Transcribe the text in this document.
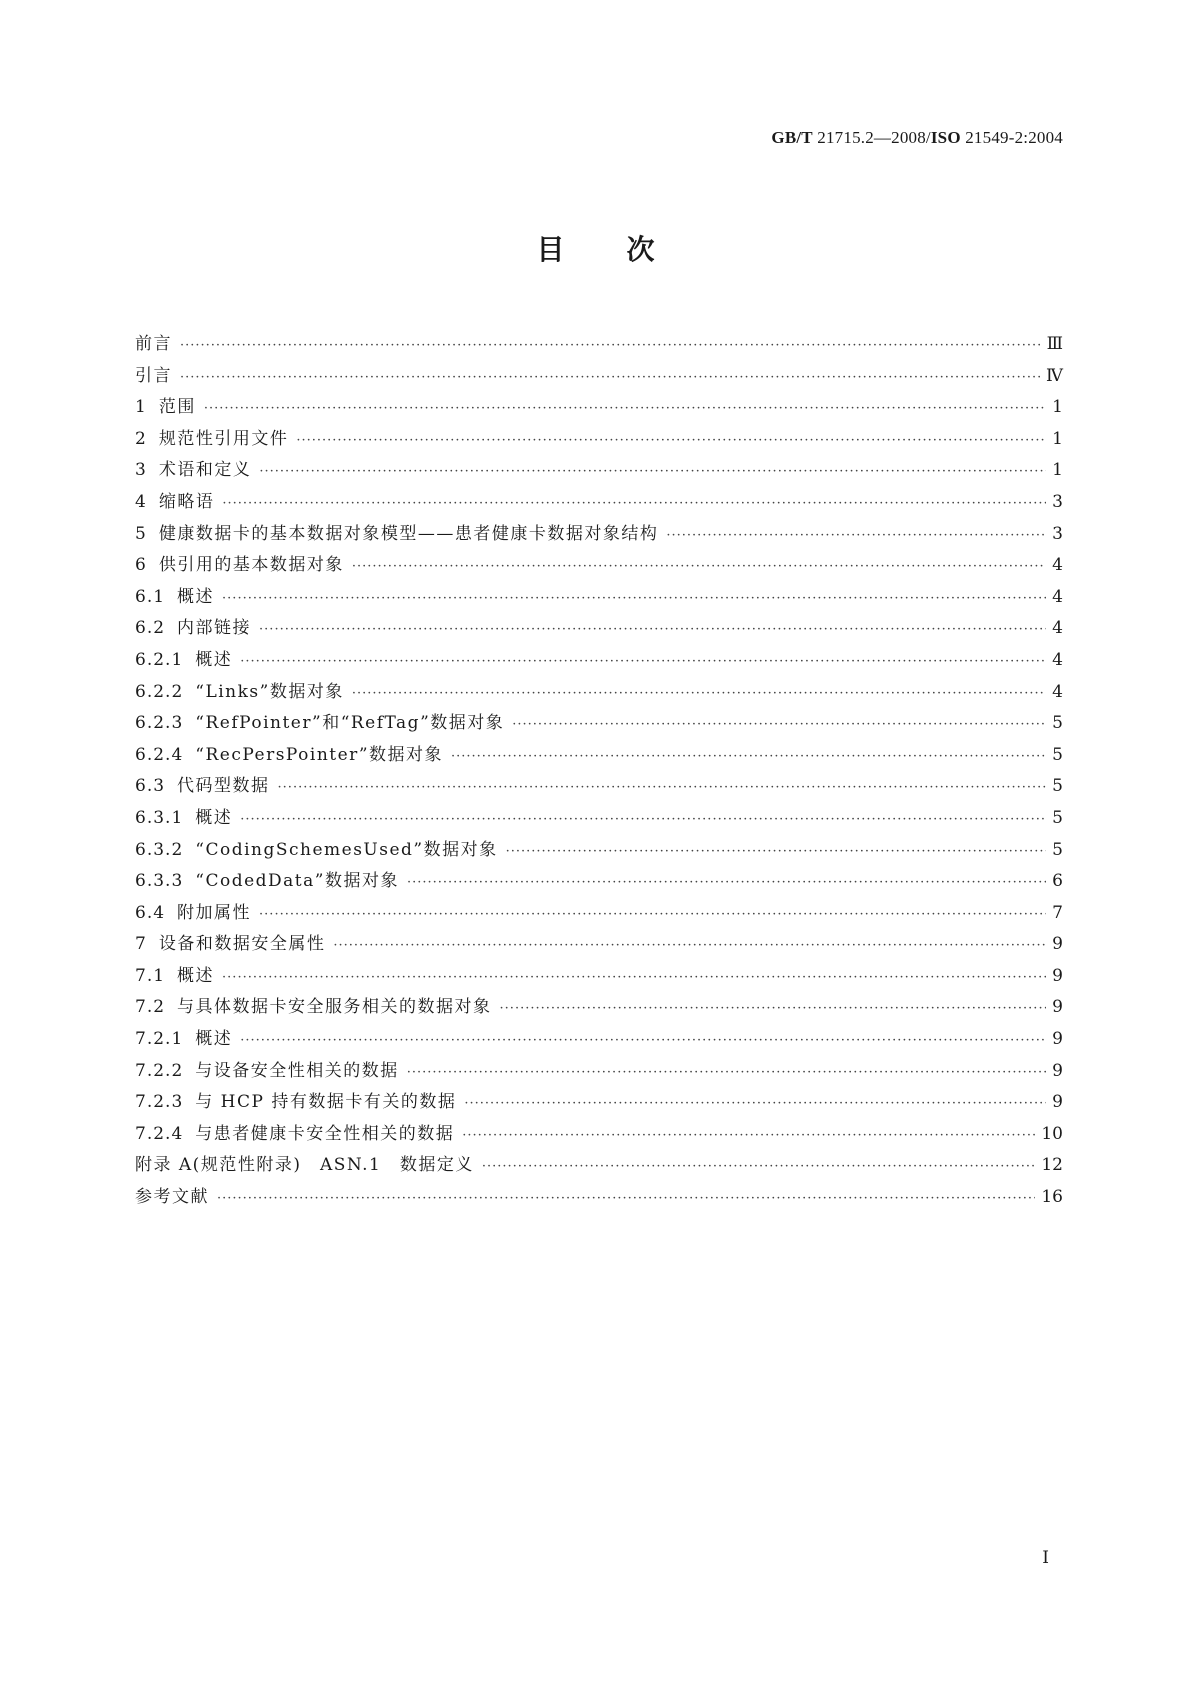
GB/T 21715.2—2008/ISO 21549-2:2004
目次
前言 ·····	Ⅲ
引言 ·····	Ⅳ
1 范围 ·····	1
2 规范性引用文件 ·····	1
3 术语和定义 ·····	1
4 缩略语 ·····	3
5 健康数据卡的基本数据对象模型——患者健康卡数据对象结构 ·····	3
6 供引用的基本数据对象 ·····	4
6.1 概述 ·····	4
6.2 内部链接 ·····	4
6.2.1 概述 ·····	4
6.2.2 “Links”数据对象 ·····	4
6.2.3 “RefPointer”和“RefTag”数据对象 ·····	5
6.2.4 “RecPersPointer”数据对象 ·····	5
6.3 代码型数据 ·····	5
6.3.1 概述 ·····	5
6.3.2 “CodingSchemesUsed”数据对象 ·····	5
6.3.3 “CodedData”数据对象 ·····	6
6.4 附加属性 ·····	7
7 设备和数据安全属性 ·····	9
7.1 概述 ·····	9
7.2 与具体数据卡安全服务相关的数据对象 ·····	9
7.2.1 概述 ·····	9
7.2.2 与设备安全性相关的数据 ·····	9
7.2.3 与 HCP 持有数据卡有关的数据 ·····	9
7.2.4 与患者健康卡安全性相关的数据 ·····	10
附录 A(规范性附录)　ASN.1　数据定义 ·····	12
参考文献 ·····	16
I
